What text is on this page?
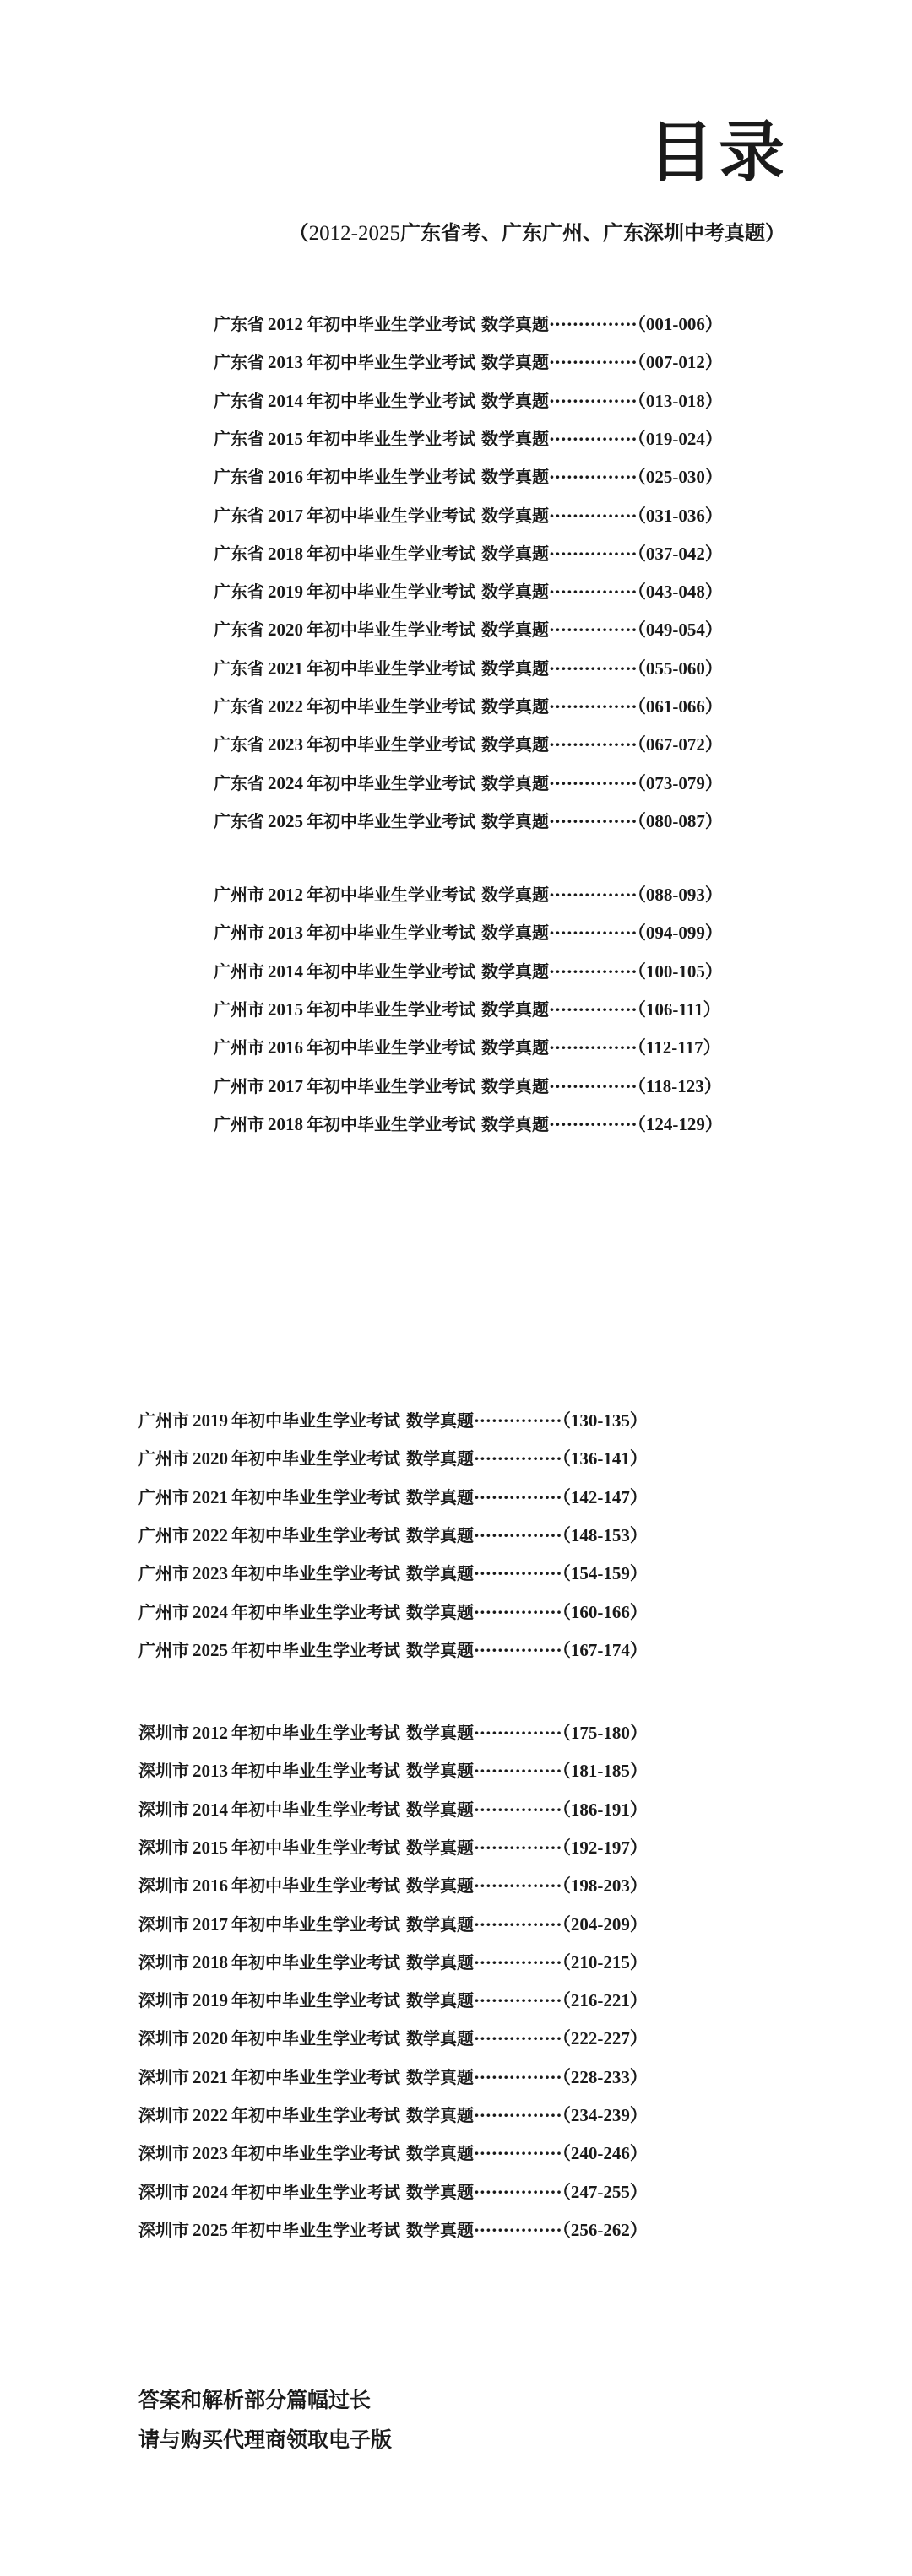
目录
（2012-2025广东省考、广东广州、广东深圳中考真题）
广东省 2012 年初中毕业生学业考试 数学真题···············（001-006）
广东省 2013 年初中毕业生学业考试 数学真题···············（007-012）
广东省 2014 年初中毕业生学业考试 数学真题···············（013-018）
广东省 2015 年初中毕业生学业考试 数学真题···············（019-024）
广东省 2016 年初中毕业生学业考试 数学真题···············（025-030）
广东省 2017 年初中毕业生学业考试 数学真题···············（031-036）
广东省 2018 年初中毕业生学业考试 数学真题···············（037-042）
广东省 2019 年初中毕业生学业考试 数学真题···············（043-048）
广东省 2020 年初中毕业生学业考试 数学真题···············（049-054）
广东省 2021 年初中毕业生学业考试 数学真题···············（055-060）
广东省 2022 年初中毕业生学业考试 数学真题···············（061-066）
广东省 2023 年初中毕业生学业考试 数学真题···············（067-072）
广东省 2024 年初中毕业生学业考试 数学真题···············（073-079）
广东省 2025 年初中毕业生学业考试 数学真题···············（080-087）
广州市 2012 年初中毕业生学业考试 数学真题···············（088-093）
广州市 2013 年初中毕业生学业考试 数学真题···············（094-099）
广州市 2014 年初中毕业生学业考试 数学真题···············（100-105）
广州市 2015 年初中毕业生学业考试 数学真题···············（106-111）
广州市 2016 年初中毕业生学业考试 数学真题···············（112-117）
广州市 2017 年初中毕业生学业考试 数学真题···············（118-123）
广州市 2018 年初中毕业生学业考试 数学真题···············（124-129）
广州市 2019 年初中毕业生学业考试 数学真题···············（130-135）
广州市 2020 年初中毕业生学业考试 数学真题···············（136-141）
广州市 2021 年初中毕业生学业考试 数学真题···············（142-147）
广州市 2022 年初中毕业生学业考试 数学真题···············（148-153）
广州市 2023 年初中毕业生学业考试 数学真题···············（154-159）
广州市 2024 年初中毕业生学业考试 数学真题···············（160-166）
广州市 2025 年初中毕业生学业考试 数学真题···············（167-174）
深圳市 2012 年初中毕业生学业考试 数学真题···············（175-180）
深圳市 2013 年初中毕业生学业考试 数学真题···············（181-185）
深圳市 2014 年初中毕业生学业考试 数学真题···············（186-191）
深圳市 2015 年初中毕业生学业考试 数学真题···············（192-197）
深圳市 2016 年初中毕业生学业考试 数学真题···············（198-203）
深圳市 2017 年初中毕业生学业考试 数学真题···············（204-209）
深圳市 2018 年初中毕业生学业考试 数学真题···············（210-215）
深圳市 2019 年初中毕业生学业考试 数学真题···············（216-221）
深圳市 2020 年初中毕业生学业考试 数学真题···············（222-227）
深圳市 2021 年初中毕业生学业考试 数学真题···············（228-233）
深圳市 2022 年初中毕业生学业考试 数学真题···············（234-239）
深圳市 2023 年初中毕业生学业考试 数学真题···············（240-246）
深圳市 2024 年初中毕业生学业考试 数学真题···············（247-255）
深圳市 2025 年初中毕业生学业考试 数学真题···············（256-262）
答案和解析部分篇幅过长
请与购买代理商领取电子版
